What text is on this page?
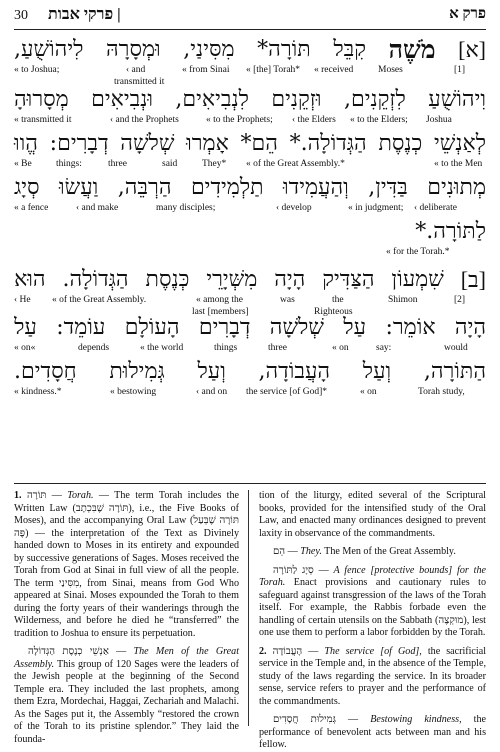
פרק א
| פרקי אבות
30
[א]
מֹשֶׁה
קִבֵּל
תּוֹרָה*
מִסִּינַי,
וּמְסָרָהּ
לִיהוֹשֻׁעַ,
[1]
Moses
« received
« [the] Torah*
« from Sinai
‹ and
transmitted it
« to Joshua;
וִיהוֹשֻׁעַ
לִזְקֵנִים,
וּזְקֵנִים
לִנְבִיאִים,
וּנְבִיאִים
מְסָרוּהָ
Joshua
« to the Elders;
‹ the Elders
« to the Prophets;
‹ and the Prophets
« transmitted it
לְאַנְשֵׁי
כְנֶסֶת
הַגְּדוֹלָה.*
הֵם*
אָמְרוּ
שְׁלשָׁה
דְבָרִים:
הֱווּ
« to the Men
« of the Great Assembly.*
They*
said
three
things:
« Be
מְתוּנִים
בַּדִּין,
וְהַעֲמִידוּ
תַלְמִידִים
הַרְבֵּה,
וַעֲשׂוּ
סְיָג
‹ deliberate
« in judgment;
‹ develop
many disciples;
‹ and make
« a fence
לַתּוֹרָה.*
« for the Torah.*
[ב]
שִׁמְעוֹן
הַצַּדִּיק
הָיָה
מִשְּׁיָרֵי
כְּנֶסֶת
הַגְּדוֹלָה.
הוּא
[2]
Shimon
the
Righteous
was
« among the
last [members]
« of the Great Assembly.
‹ He
הָיָה
אוֹמֵר:
עַל
שְׁלשָׁה
דְבָרִים
הָעוֹלָם
עוֹמֵד:
עַל
would
say:
« on
three
things
« the world
depends
« on«
הַתּוֹרָה,
וְעַל
הָעֲבוֹדָה,
וְעַל
גְּמִילוּת
חֲסָדִים.
Torah study,
« on
the service [of God]*
‹ and on
« bestowing
« kindness.*

1. תּוֹרָה — Torah. — The term Torah includes the Written Law (תּוֹרָה שֶׁבִּכְתָב), i.e., the Five Books of Moses), and the accompanying Oral Law (תּוֹרָה שֶׁבְּעַל פֶּה) — the interpretation of the Text as Divinely handed down to Moses in its entirety and expounded by successive generations of Sages. Moses received the Torah from God at Sinai in full view of all the people. The term מִסִּינַי, from Sinai, means from God Who appeared at Sinai. Moses expounded the Torah to them during the forty years of their wanderings through the Wilderness, and before he died he “transferred” the tradition to Joshua to ensure its perpetuation.

אַנְשֵׁי כְנֶסֶת הַגְּדוֹלָה — The Men of the Great Assembly. This group of 120 Sages were the leaders of the Jewish people at the beginning of the Second Temple era. They included the last prophets, among them Ezra, Mordechai, Haggai, Zechariah and Malachi. As the Sages put it, the Assembly “restored the crown of the Torah to its pristine splendor.” They laid the founda-

tion of the liturgy, edited several of the Scriptural books, provided for the intensified study of the Oral Law, and enacted many ordinances designed to prevent laxity in observance of the commandments.

הֵם — They. The Men of the Great Assembly.

סְיָג לַתּוֹרָה — A fence [protective bounds] for the Torah. Enact provisions and cautionary rules to safeguard against transgression of the laws of the Torah itself. For example, the Rabbis forbade even the handling of certain utensils on the Sabbath (מוּקְצֶה), lest one use them to perform a labor forbidden by the Torah.

2. הָעֲבוֹדָה — The service [of God], the sacrificial service in the Temple and, in the absence of the Temple, study of the laws regarding the service. In its broader sense, service refers to prayer and the performance of the commandments.

גְּמִילוּת חֲסָדִים — Bestowing kindness, the performance of benevolent acts between man and his fellow.
